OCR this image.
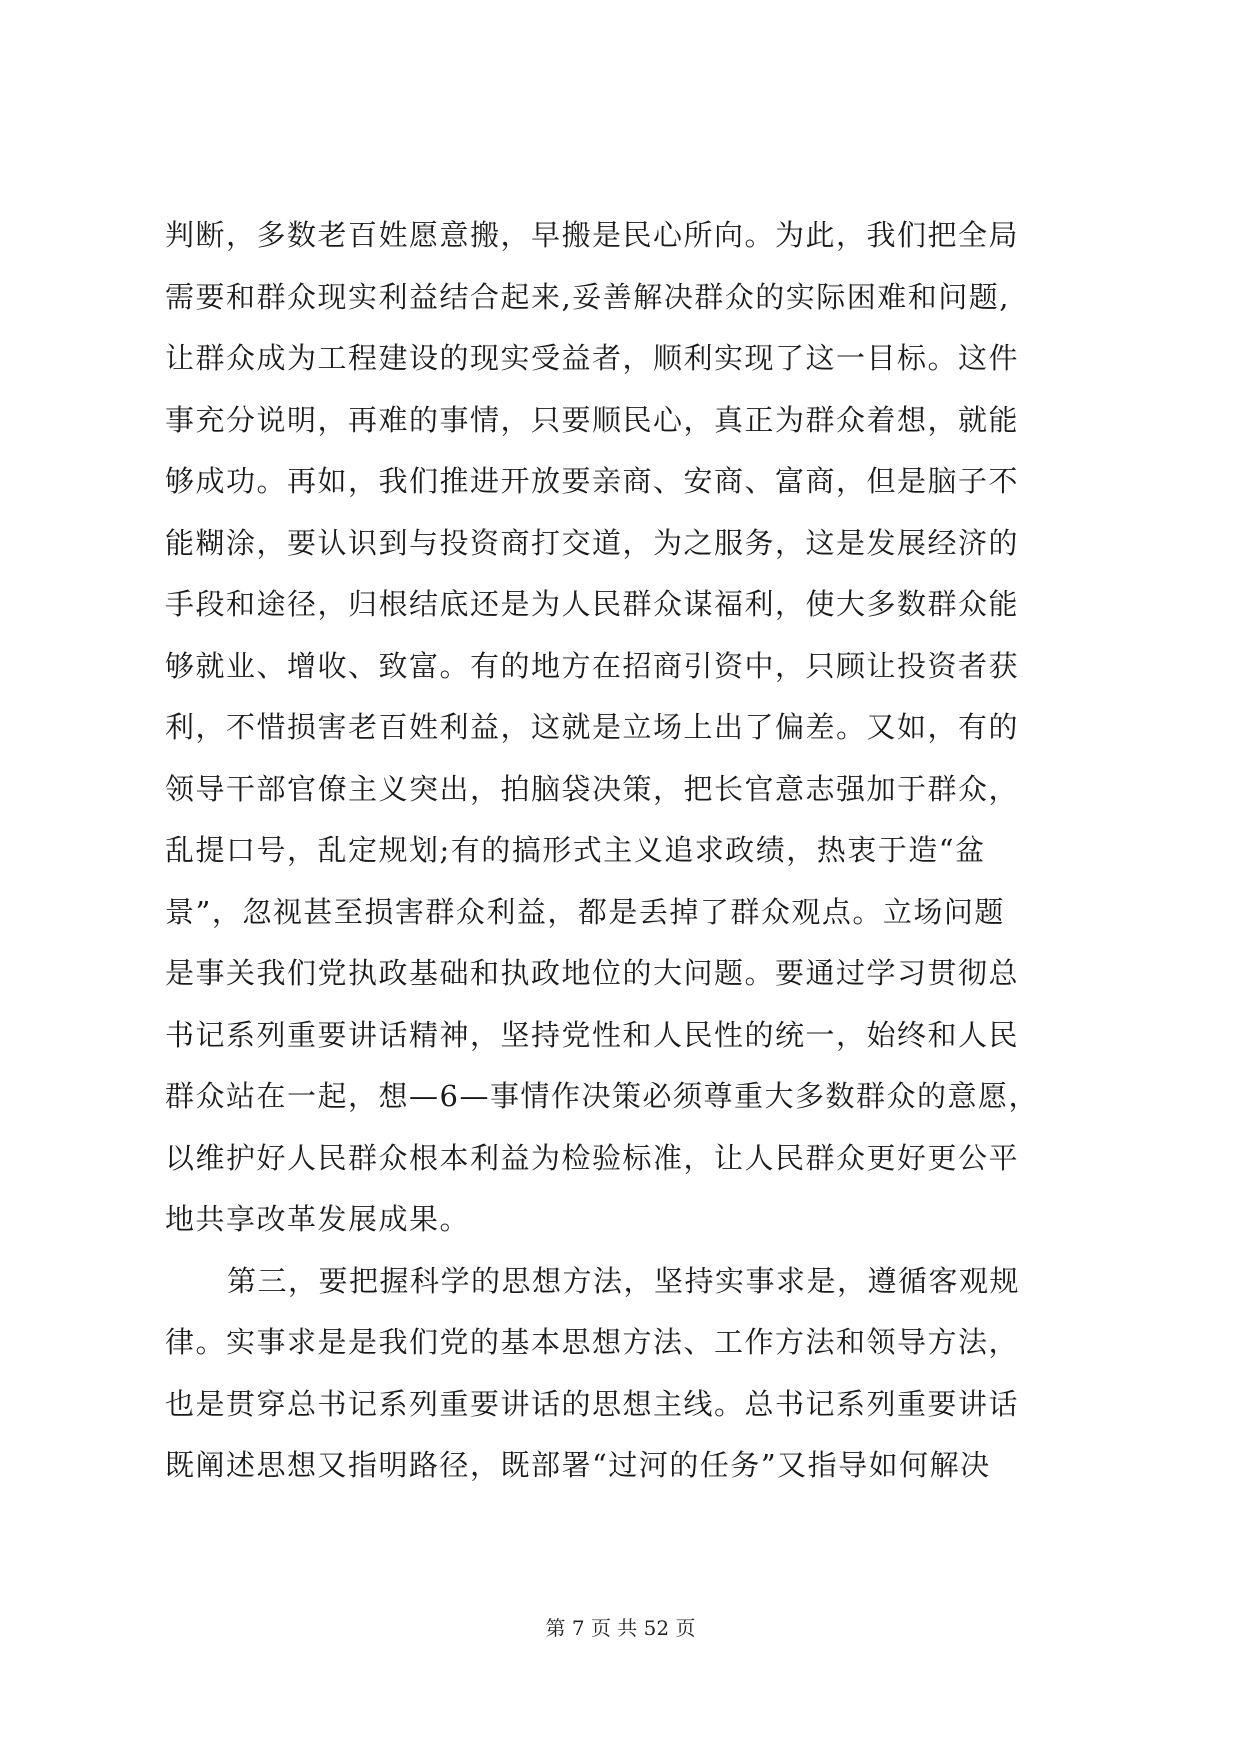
判断，多数老百姓愿意搬，早搬是民心所向。为此，我们把全局
需要和群众现实利益结合起来,妥善解决群众的实际困难和问题,
让群众成为工程建设的现实受益者，顺利实现了这一目标。这件
事充分说明，再难的事情，只要顺民心，真正为群众着想，就能
够成功。再如，我们推进开放要亲商、安商、富商，但是脑子不
能糊涂，要认识到与投资商打交道，为之服务，这是发展经济的
手段和途径，归根结底还是为人民群众谋福利，使大多数群众能
够就业、增收、致富。有的地方在招商引资中，只顾让投资者获
利，不惜损害老百姓利益，这就是立场上出了偏差。又如，有的
领导干部官僚主义突出，拍脑袋决策，把长官意志强加于群众，
乱提口号，乱定规划;有的搞形式主义追求政绩，热衷于造“盆
景”，忽视甚至损害群众利益，都是丢掉了群众观点。立场问题
是事关我们党执政基础和执政地位的大问题。要通过学习贯彻总
书记系列重要讲话精神，坚持党性和人民性的统一，始终和人民
群众站在一起，想—6—事情作决策必须尊重大多数群众的意愿，
以维护好人民群众根本利益为检验标准，让人民群众更好更公平
地共享改革发展成果。
第三，要把握科学的思想方法，坚持实事求是，遵循客观规
律。实事求是是我们党的基本思想方法、工作方法和领导方法，
也是贯穿总书记系列重要讲话的思想主线。总书记系列重要讲话
既阐述思想又指明路径，既部署“过河的任务”又指导如何解决
第 7 页 共 52 页
